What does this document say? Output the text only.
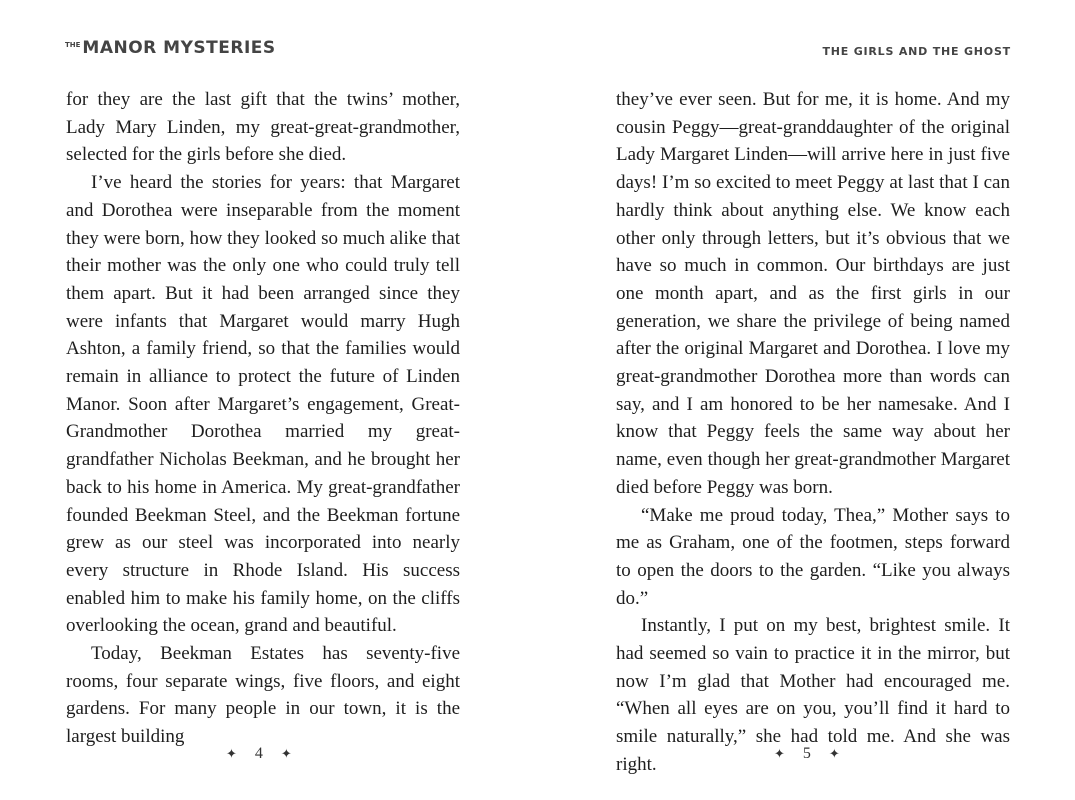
$^{THE}$ MANOR MYSTERIES

for they are the last gift that the twins’ mother, Lady Mary Linden, my great-great-grandmother, selected for the girls before she died.

I’ve heard the stories for years: that Margaret and Dorothea were inseparable from the moment they were born, how they looked so much alike that their mother was the only one who could truly tell them apart. But it had been arranged since they were infants that Margaret would marry Hugh Ashton, a family friend, so that the families would remain in alliance to protect the future of Linden Manor. Soon after Margaret’s engagement, Great-Grandmother Dorothea married my great-grandfather Nicholas Beekman, and he brought her back to his home in America. My great-grandfather founded Beekman Steel, and the Beekman fortune grew as our steel was incorporated into nearly every structure in Rhode Island. His success enabled him to make his family home, on the cliffs overlooking the ocean, grand and beautiful.

Today, Beekman Estates has seventy-five rooms, four separate wings, five floors, and eight gardens. For many people in our town, it is the largest building

✦ 4 ✦
THE GIRLS AND THE GHOST

they’ve ever seen. But for me, it is home. And my cousin Peggy—great-granddaughter of the original Lady Margaret Linden—will arrive here in just five days! I’m so excited to meet Peggy at last that I can hardly think about anything else. We know each other only through letters, but it’s obvious that we have so much in common. Our birthdays are just one month apart, and as the first girls in our generation, we share the privilege of being named after the original Margaret and Dorothea. I love my great-grandmother Dorothea more than words can say, and I am honored to be her namesake. And I know that Peggy feels the same way about her name, even though her great-grandmother Margaret died before Peggy was born.

“Make me proud today, Thea,” Mother says to me as Graham, one of the footmen, steps forward to open the doors to the garden. “Like you always do.”

Instantly, I put on my best, brightest smile. It had seemed so vain to practice it in the mirror, but now I’m glad that Mother had encouraged me. “When all eyes are on you, you’ll find it hard to smile naturally,” she had told me. And she was right.	✦ 5 ✦
